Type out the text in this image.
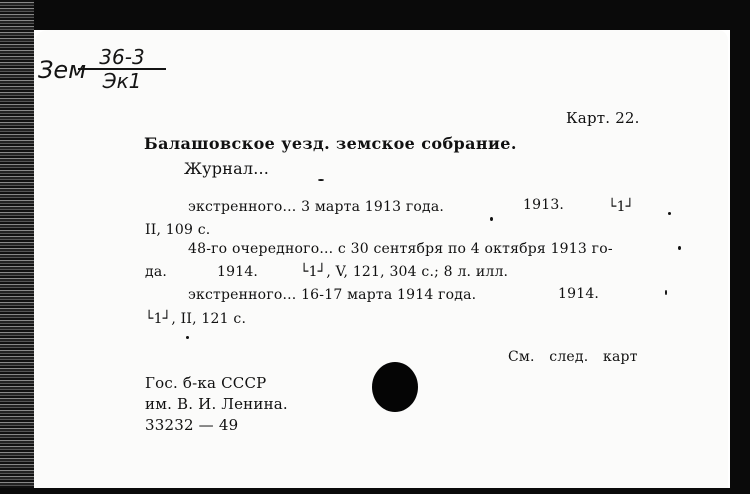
Зем 36-3
Эк1
Карт. 22.
Балашовское уезд. земское собрание.
Журнал...
экстренного... 3 марта 1913 года.	1913.	└1┘
II, 109 с.
48-го очередного... с 30 сентября по 4 октября 1913 го-
да.	1914.	└1┘, V, 121, 304 с.; 8 л. илл.
экстренного... 16-17 марта 1914 года.	1914.
└1┘, II, 121 с.
См. след. карт
Гос. б-ка СССР
им. В. И. Ленина.
33232 — 49
